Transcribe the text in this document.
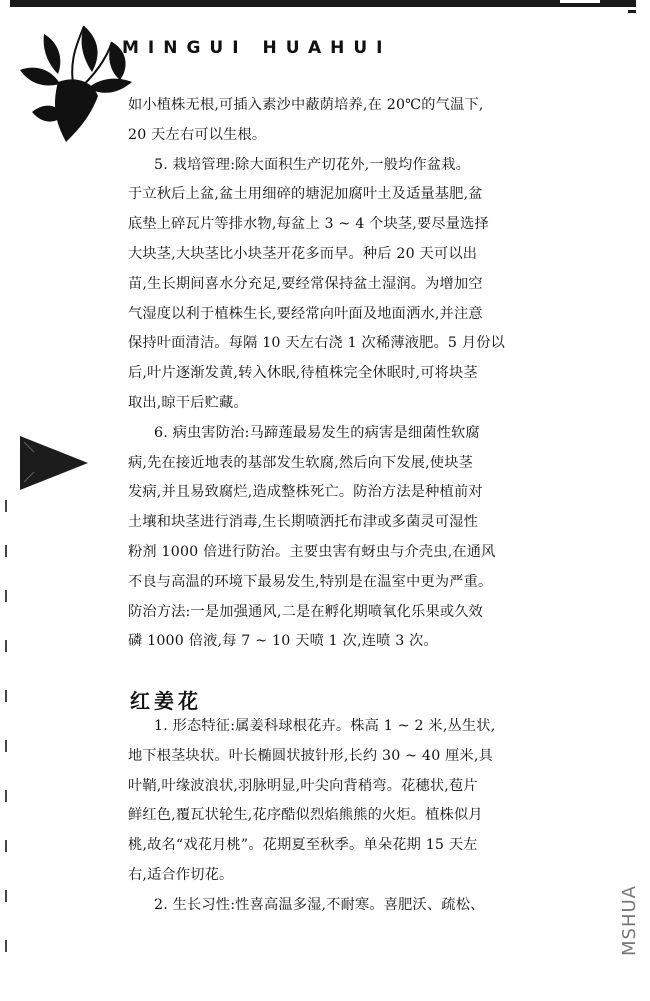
MINGUI HUAHUI
如小植株无根,可插入素沙中蔽荫培养,在 20℃的气温下,
20 天左右可以生根。
5. 栽培管理:除大面积生产切花外,一般均作盆栽。
于立秋后上盆,盆土用细碎的塘泥加腐叶土及适量基肥,盆
底垫上碎瓦片等排水物,每盆上 3 ~ 4 个块茎,要尽量选择
大块茎,大块茎比小块茎开花多而早。种后 20 天可以出
苗,生长期间喜水分充足,要经常保持盆土湿润。为增加空
气湿度以利于植株生长,要经常向叶面及地面洒水,并注意
保持叶面清洁。每隔 10 天左右浇 1 次稀薄液肥。5 月份以
后,叶片逐渐发黄,转入休眠,待植株完全休眠时,可将块茎
取出,晾干后贮藏。
6. 病虫害防治:马蹄莲最易发生的病害是细菌性软腐
病,先在接近地表的基部发生软腐,然后向下发展,使块茎
发病,并且易致腐烂,造成整株死亡。防治方法是种植前对
土壤和块茎进行消毒,生长期喷洒托布津或多菌灵可湿性
粉剂 1000 倍进行防治。主要虫害有蚜虫与介壳虫,在通风
不良与高温的环境下最易发生,特别是在温室中更为严重。
防治方法:一是加强通风,二是在孵化期喷氧化乐果或久效
磷 1000 倍液,每 7 ~ 10 天喷 1 次,连喷 3 次。
红姜花
1. 形态特征:属姜科球根花卉。株高 1 ~ 2 米,丛生状,
地下根茎块状。叶长椭圆状披针形,长约 30 ~ 40 厘米,具
叶鞘,叶缘波浪状,羽脉明显,叶尖向背稍弯。花穗状,苞片
鲜红色,覆瓦状轮生,花序酷似烈焰熊熊的火炬。植株似月
桃,故名“戏花月桃”。花期夏至秋季。单朵花期 15 天左
右,适合作切花。
2. 生长习性:性喜高温多湿,不耐寒。喜肥沃、疏松、	MSHUA
